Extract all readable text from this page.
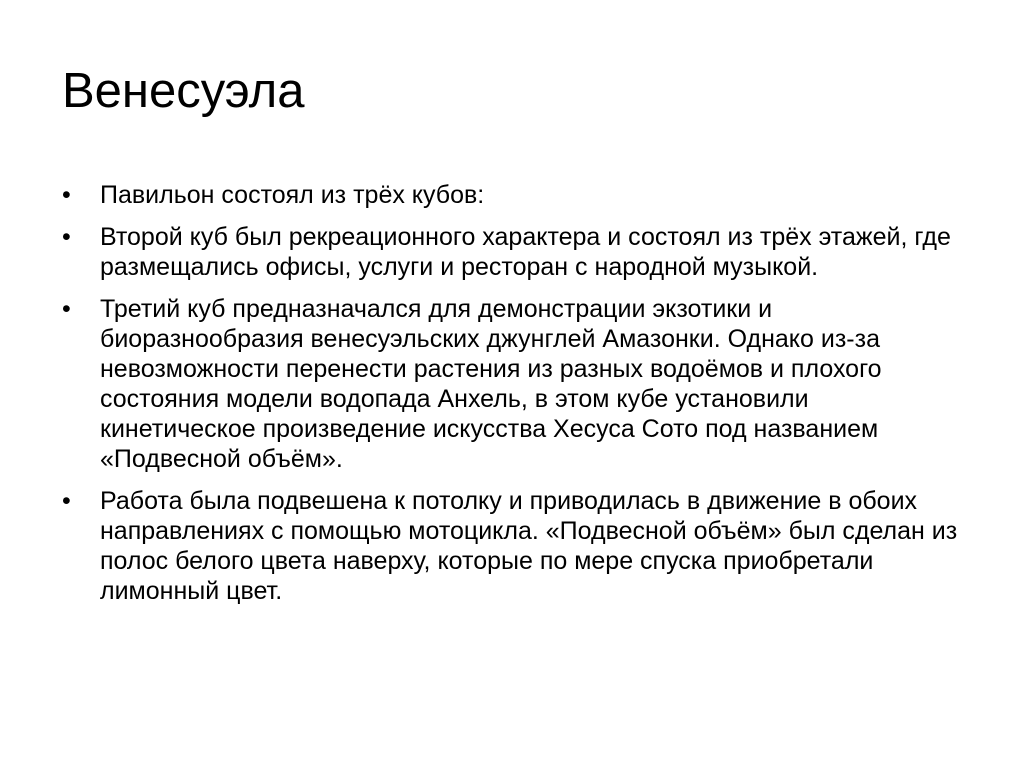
Венесуэла
•	Павильон состоял из трёх кубов:
•	Второй куб был рекреационного характера и состоял из трёх этажей, где размещались офисы, услуги и ресторан с народной музыкой.
•	Третий куб предназначался для демонстрации экзотики и биоразнообразия венесуэльских джунглей Амазонки. Однако из-за невозможности перенести растения из разных водоёмов и плохого состояния модели водопада Анхель, в этом кубе установили кинетическое произведение искусства Хесуса Сото под названием «Подвесной объём».
•	Работа была подвешена к потолку и приводилась в движение в обоих направлениях с помощью мотоцикла. «Подвесной объём» был сделан из полос белого цвета наверху, которые по мере спуска приобретали лимонный цвет.
